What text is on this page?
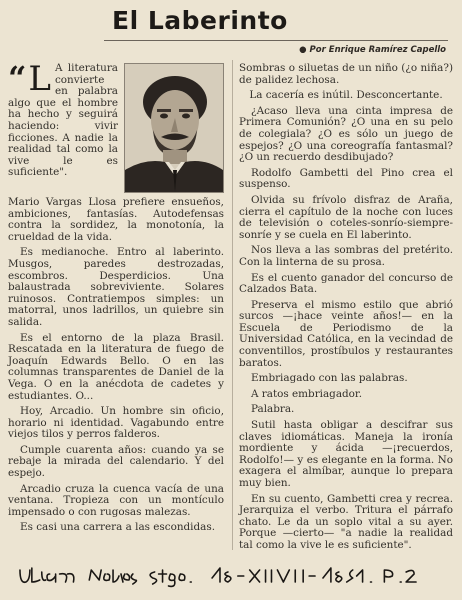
El Laberinto
● Por Enrique Ramírez Capello
“ L A literatura convierte en palabra algo que el hombre ha hecho y seguirá haciendo: vivir ficciones. A nadie la realidad tal como la vive le es suficiente".

Mario Vargas Llosa prefiere ensueños, ambiciones, fantasías. Autodefensas contra la sordidez, la monotonía, la crueldad de la vida.

Es medianoche. Entro al laberinto. Musgos, paredes destrozadas, escombros. Desperdicios. Una balaustrada sobreviviente. Solares ruinosos. Contratiempos simples: un matorral, unos ladrillos, un quiebre sin salida.

Es el entorno de la plaza Brasil. Rescatada en la literatura de fuego de Joaquín Edwards Bello. O en las columnas transparentes de Daniel de la Vega. O en la anécdota de cadetes y estudiantes. O...

Hoy, Arcadio. Un hombre sin oficio, horario ni identidad. Vagabundo entre viejos tilos y perros falderos.

Cumple cuarenta años: cuando ya se rebaje la mirada del calendario. Y del espejo.

Arcadio cruza la cuenca vacía de una ventana. Tropieza con un montículo impensado o con rugosas malezas.

Es casi una carrera a las escondidas.

Sombras o siluetas de un niño (¿o niña?) de palidez lechosa.

La cacería es inútil. Desconcertante.

¿Acaso lleva una cinta impresa de Primera Comunión? ¿O una en su pelo de colegiala? ¿O es sólo un juego de espejos? ¿O una coreografía fantasmal? ¿O un recuerdo desdibujado?

Rodolfo Gambetti del Pino crea el suspenso.

Olvida su frívolo disfraz de Araña, cierra el capítulo de la noche con luces de televisión o coteles-sonrío-siempre-sonríe y se cuela en El laberinto.

Nos lleva a las sombras del pretérito. Con la linterna de su prosa.

Es el cuento ganador del concurso de Calzados Bata.

Preserva el mismo estilo que abrió surcos —¡hace veinte años!— en la Escuela de Periodismo de la Universidad Católica, en la vecindad de conventillos, prostíbulos y restaurantes baratos.

Embriagado con las palabras.

A ratos embriagador.

Palabra.

Sutil hasta obligar a descifrar sus claves idiomáticas. Maneja la ironía mordiente y ácida —¡recuerdos, Rodolfo!— y es elegante en la forma. No exagera el almíbar, aunque lo prepara muy bien.

En su cuento, Gambetti crea y recrea. Jerarquiza el verbo. Tritura el párrafo chato. Le da un soplo vital a su ayer. Porque —cierto— "a nadie la realidad tal como la vive le es suficiente".
